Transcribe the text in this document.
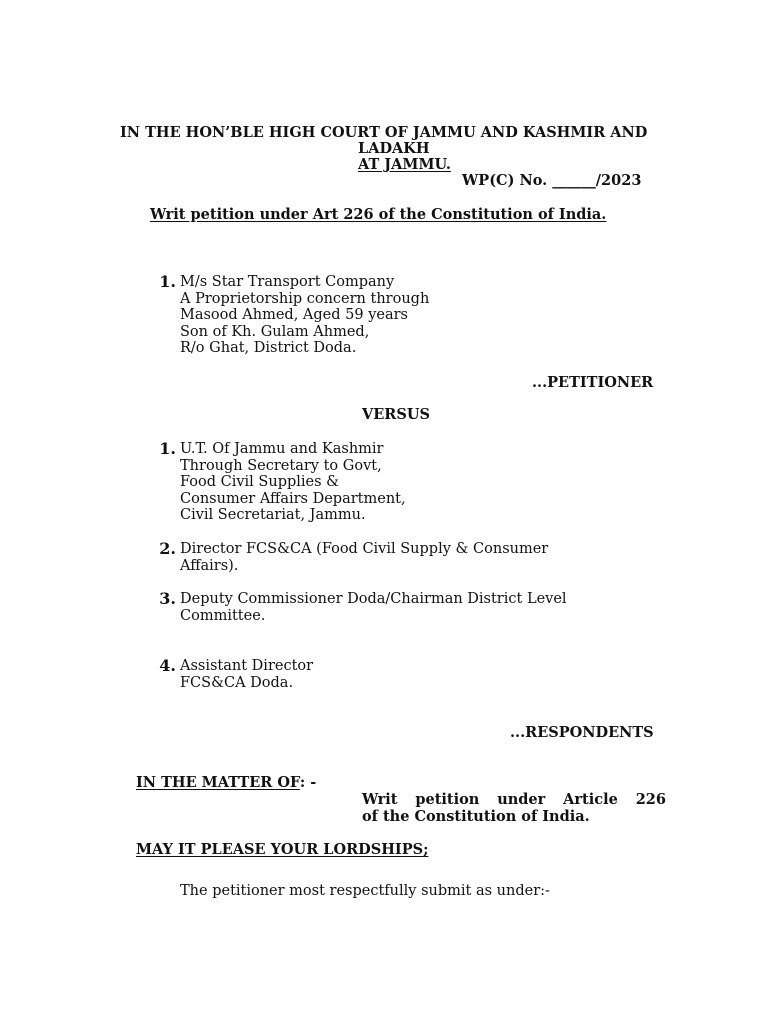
IN THE HON’BLE HIGH COURT OF JAMMU AND KASHMIR AND
LADAKH
AT JAMMU.
WP(C) No. ______/2023
Writ petition under Art 226 of the Constitution of India.
1. M/s Star Transport Company
A Proprietorship concern through
Masood Ahmed, Aged 59 years
Son of Kh. Gulam Ahmed,
R/o Ghat, District Doda.
...PETITIONER
VERSUS
1. U.T. Of Jammu and Kashmir
Through Secretary to Govt,
Food Civil Supplies &
Consumer Affairs Department,
Civil Secretariat, Jammu.
2. Director FCS&CA (Food Civil Supply & Consumer
Affairs).
3. Deputy Commissioner Doda/Chairman District Level
Committee.
4. Assistant Director
FCS&CA Doda.
...RESPONDENTS
IN THE MATTER OF: -
Writ petition under Article 226
of the Constitution of India.
MAY IT PLEASE YOUR LORDSHIPS;
The petitioner most respectfully submit as under:-
